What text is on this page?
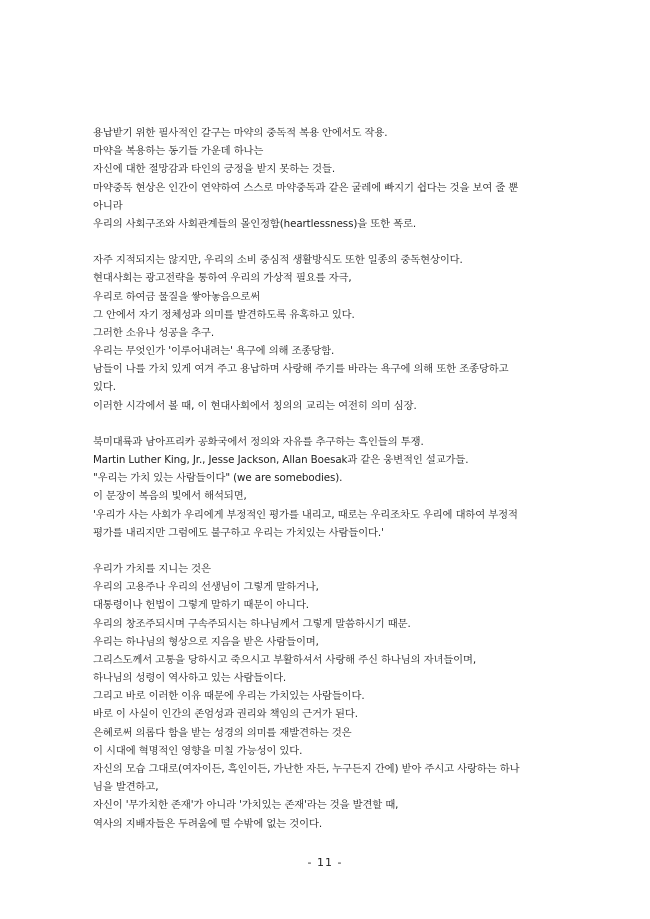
용납받기 위한 필사적인 갈구는 마약의 중독적 복용 안에서도 작용.
마약을 복용하는 동기들 가운데 하나는
자신에 대한 절망감과 타인의 긍정을 받지 못하는 것들.
마약중독 현상은 인간이 연약하여 스스로 마약중독과 같은 굴레에 빠지기 쉽다는 것을 보여 줄 뿐
아니라
우리의 사회구조와 사회관계들의 몰인정함(heartlessness)을 또한 폭로.
자주 지적되지는 않지만, 우리의 소비 중심적 생활방식도 또한 일종의 중독현상이다.
현대사회는 광고전략을 통하여 우리의 가상적 필요를 자극,
우리로 하여금 물질을 쌓아놓음으로써
그 안에서 자기 정체성과 의미를 발견하도록 유혹하고 있다.
그러한 소유나 성공을 추구.
우리는 무엇인가 '이루어내려는' 욕구에 의해 조종당함.
남들이 나를 가치 있게 여겨 주고 용납하며 사랑해 주기를 바라는 욕구에 의해 또한 조종당하고
있다.
이러한 시각에서 볼 때, 이 현대사회에서 칭의의 교리는 여전히 의미 심장.
북미대륙과 남아프리카 공화국에서 정의와 자유를 추구하는 흑인들의 투쟁.
Martin Luther King, Jr., Jesse Jackson, Allan Boesak과 같은 웅변적인 설교가들.
"우리는 가치 있는 사람들이다" (we are somebodies).
이 문장이 복음의 빛에서 해석되면,
'우리가 사는 사회가 우리에게 부정적인 평가를 내리고, 때로는 우리조차도 우리에 대하여 부정적
평가를 내리지만 그럼에도 불구하고 우리는 가치있는 사람들이다.'
우리가 가치를 지니는 것은
우리의 고용주나 우리의 선생님이 그렇게 말하거나,
대통령이나 헌법이 그렇게 말하기 때문이 아니다.
우리의 창조주되시며 구속주되시는 하나님께서 그렇게 말씀하시기 때문.
우리는 하나님의 형상으로 지음을 받은 사람들이며,
그리스도께서 고통을 당하시고 죽으시고 부활하셔서 사랑해 주신 하나님의 자녀들이며,
하나님의 성령이 역사하고 있는 사람들이다.
그리고 바로 이러한 이유 때문에 우리는 가치있는 사람들이다.
바로 이 사실이 인간의 존엄성과 권리와 책임의 근거가 된다.
은혜로써 의롭다 함을 받는 성경의 의미를 재발견하는 것은
이 시대에 혁명적인 영향을 미칠 가능성이 있다.
자신의 모습 그대로(여자이든, 흑인이든, 가난한 자든, 누구든지 간에) 받아 주시고 사랑하는 하나
님을 발견하고,
자신이 '무가치한 존재'가 아니라 '가치있는 존재'라는 것을 발견할 때,
역사의 지배자들은 두려움에 떨 수밖에 없는 것이다.
- 11 -
